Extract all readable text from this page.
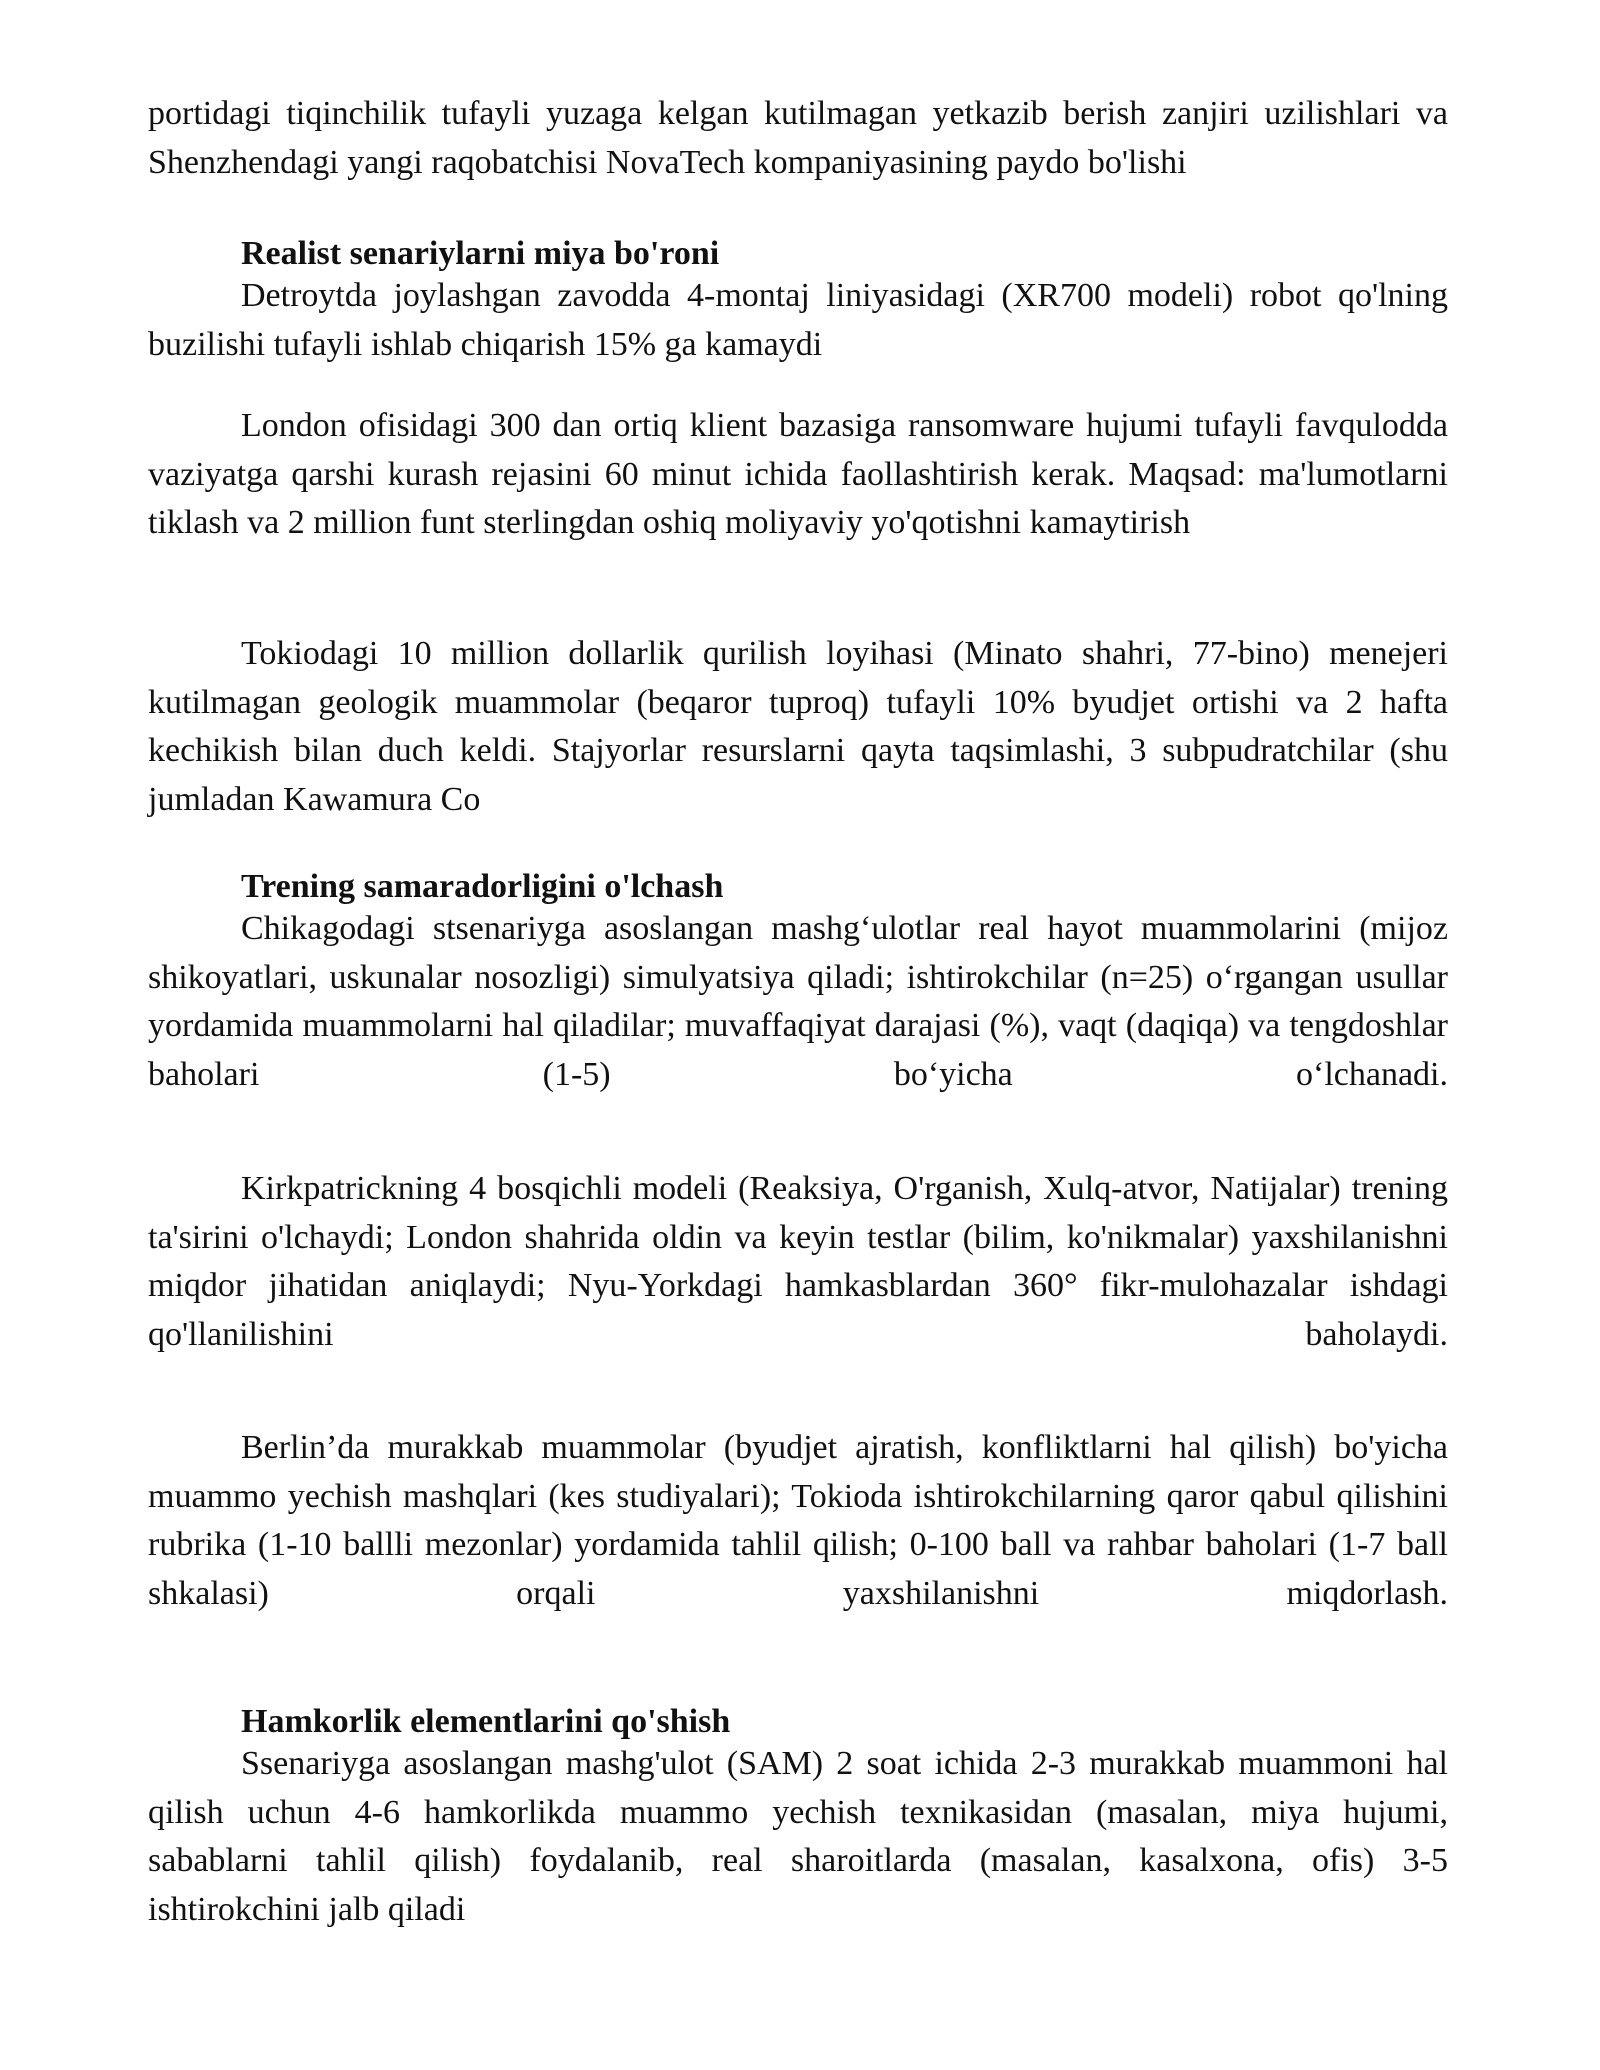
portidagi tiqinchilik tufayli yuzaga kelgan kutilmagan yetkazib berish zanjiri uzilishlari va Shenzhendagi yangi raqobatchisi NovaTech kompaniyasining paydo bo'lishi

Realist senariylarni miya bo'roni

Detroytda joylashgan zavodda 4-montaj liniyasidagi (XR700 modeli) robot qo'lning buzilishi tufayli ishlab chiqarish 15% ga kamaydi

London ofisidagi 300 dan ortiq klient bazasiga ransomware hujumi tufayli favqulodda vaziyatga qarshi kurash rejasini 60 minut ichida faollashtirish kerak. Maqsad: ma'lumotlarni tiklash va 2 million funt sterlingdan oshiq moliyaviy yo'qotishni kamaytirish

Tokiodagi 10 million dollarlik qurilish loyihasi (Minato shahri, 77-bino) menejeri kutilmagan geologik muammolar (beqaror tuproq) tufayli 10% byudjet ortishi va 2 hafta kechikish bilan duch keldi. Stajyorlar resurslarni qayta taqsimlashi, 3 subpudratchilar (shu jumladan Kawamura Co

Trening samaradorligini o'lchash

Chikagodagi stsenariyga asoslangan mashg‘ulotlar real hayot muammolarini (mijoz shikoyatlari, uskunalar nosozligi) simulyatsiya qiladi; ishtirokchilar (n=25) o‘rgangan usullar yordamida muammolarni hal qiladilar; muvaffaqiyat darajasi (%), vaqt (daqiqa) va tengdoshlar baholari (1-5) bo‘yicha o‘lchanadi.

Kirkpatrickning 4 bosqichli modeli (Reaksiya, O'rganish, Xulq-atvor, Natijalar) trening ta'sirini o'lchaydi; London shahrida oldin va keyin testlar (bilim, ko'nikmalar) yaxshilanishni miqdor jihatidan aniqlaydi; Nyu-Yorkdagi hamkasblardan 360° fikr-mulohazalar ishdagi qo'llanilishini baholaydi.

Berlin’da murakkab muammolar (byudjet ajratish, konfliktlarni hal qilish) bo'yicha muammo yechish mashqlari (kes studiyalari); Tokioda ishtirokchilarning qaror qabul qilishini rubrika (1-10 ballli mezonlar) yordamida tahlil qilish; 0-100 ball va rahbar baholari (1-7 ball shkalasi) orqali yaxshilanishni miqdorlash.

Hamkorlik elementlarini qo'shish

Ssenariyga asoslangan mashg'ulot (SAM) 2 soat ichida 2-3 murakkab muammoni hal qilish uchun 4-6 hamkorlikda muammo yechish texnikasidan (masalan, miya hujumi, sabablarni tahlil qilish) foydalanib, real sharoitlarda (masalan, kasalxona, ofis) 3-5 ishtirokchini jalb qiladi
